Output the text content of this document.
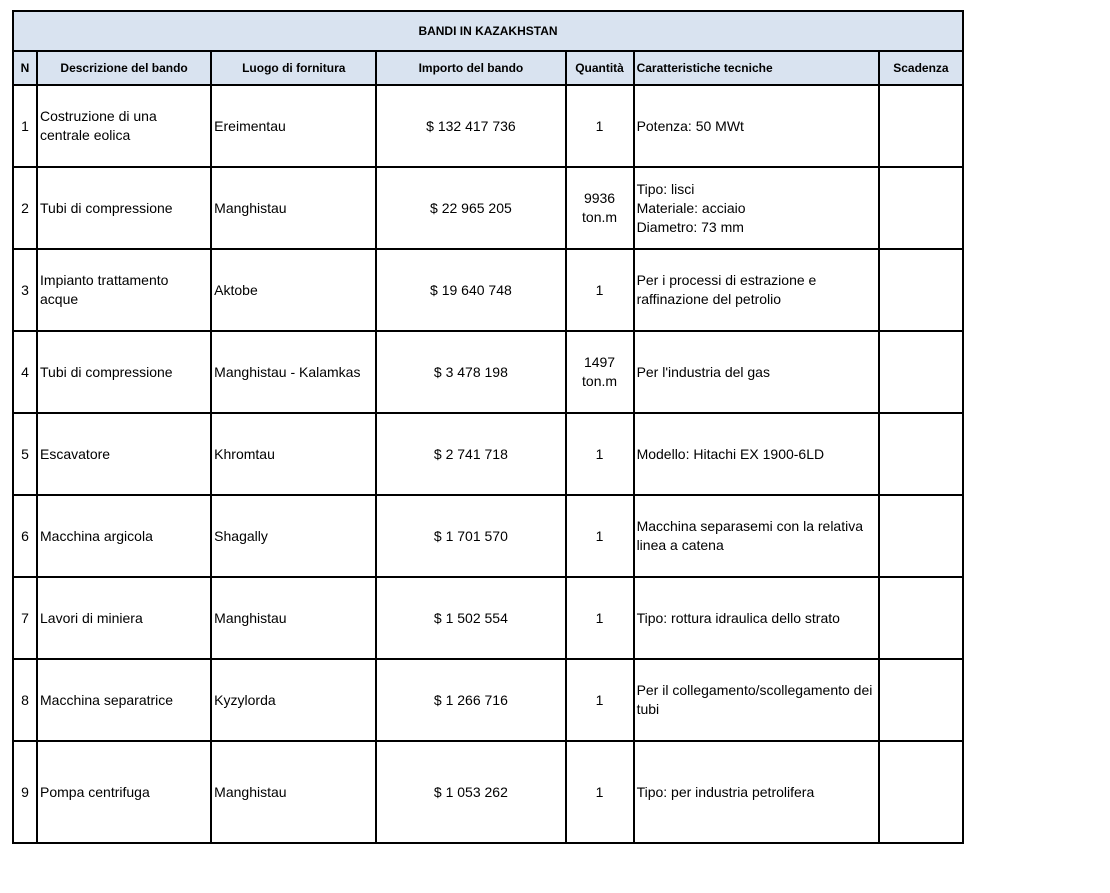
BANDI IN KAZAKHSTAN						
N	Descrizione del bando	Luogo di fornitura	Importo del bando	Quantità	Caratteristiche tecniche	Scadenza
1	Costruzione di una centrale eolica	Ereimentau	$ 132 417 736	1	Potenza: 50 MWt	

2	Tubi di compressione	Manghistau	$ 22 965 205	9936 ton.m	Tipo: lisci
Materiale: acciaio
Diametro: 73 mm	

3	Impianto trattamento acque	Aktobe	$ 19 640 748	1	Per i processi di estrazione e raffinazione del petrolio	

4	Tubi di compressione	Manghistau - Kalamkas	$ 3 478 198	1497 ton.m	Per l'industria del gas	

5	Escavatore	Khromtau	$ 2 741 718	1	Modello: Hitachi EX 1900-6LD	

6	Macchina argicola	Shagally	$ 1 701 570	1	Macchina separasemi con la relativa linea a catena	

7	Lavori di miniera	Manghistau	$ 1 502 554	1	Tipo: rottura idraulica dello strato	

8	Macchina separatrice	Kyzylorda	$ 1 266 716	1	Per il collegamento/scollegamento dei tubi	

9	Pompa centrifuga	Manghistau	$ 1 053 262	1	Tipo: per industria petrolifera	
